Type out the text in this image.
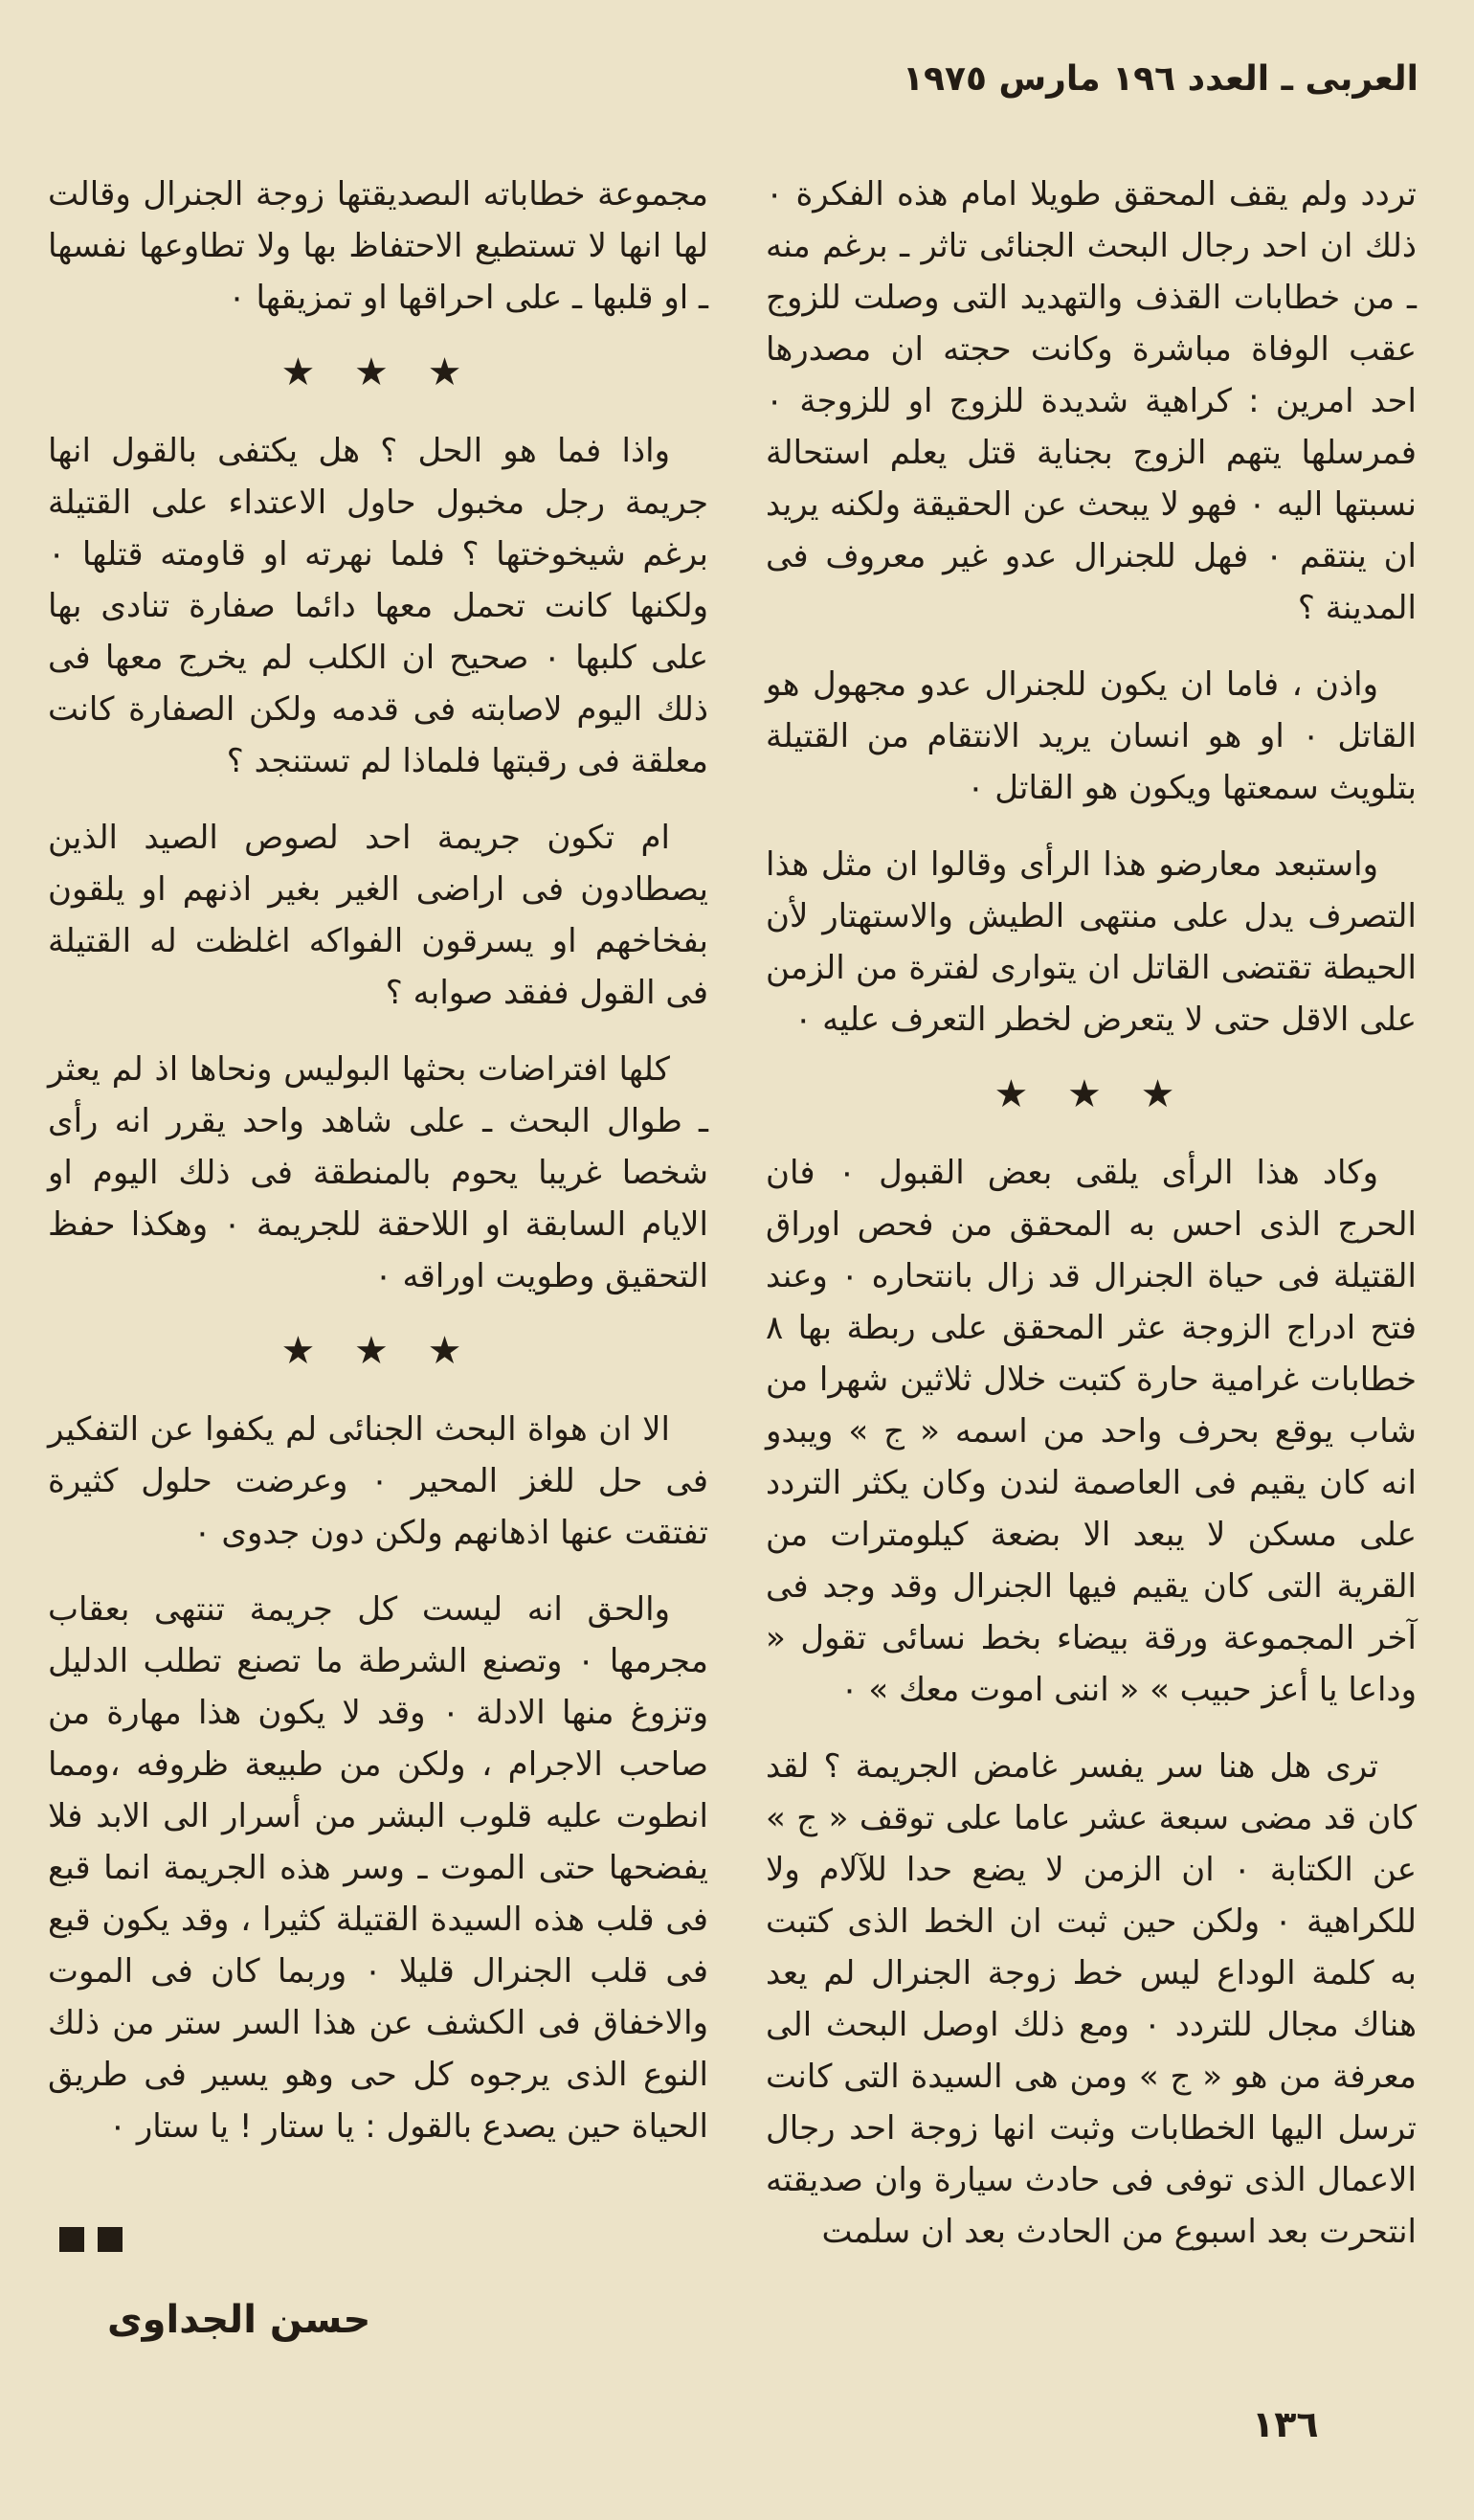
العربى ـ العدد ١٩٦ مارس ١٩٧٥

تردد ولم يقف المحقق طويلا امام هذه الفكرة ٠ ذلك ان احد رجال البحث الجنائى تاثر ـ برغم منه ـ من خطابات القذف والتهديد التى وصلت للزوج عقب الوفاة مباشرة وكانت حجته ان مصدرها احد امرين : كراهية شديدة للزوج او للزوجة ٠ فمرسلها يتهم الزوج بجناية قتل يعلم استحالة نسبتها اليه ٠ فهو لا يبحث عن الحقيقة ولكنه يريد ان ينتقم ٠ فهل للجنرال عدو غير معروف فى المدينة ؟

واذن ، فاما ان يكون للجنرال عدو مجهول هو القاتل ٠ او هو انسان يريد الانتقام من القتيلة بتلويث سمعتها ويكون هو القاتل ٠

واستبعد معارضو هذا الرأى وقالوا ان مثل هذا التصرف يدل على منتهى الطيش والاستهتار لأن الحيطة تقتضى القاتل ان يتوارى لفترة من الزمن على الاقل حتى لا يتعرض لخطر التعرف عليه ٠

★ ★ ★

وكاد هذا الرأى يلقى بعض القبول ٠ فان الحرج الذى احس به المحقق من فحص اوراق القتيلة فى حياة الجنرال قد زال بانتحاره ٠ وعند فتح ادراج الزوجة عثر المحقق على ربطة بها ٨ خطابات غرامية حارة كتبت خلال ثلاثين شهرا من شاب يوقع بحرف واحد من اسمه « ج » ويبدو انه كان يقيم فى العاصمة لندن وكان يكثر التردد على مسكن لا يبعد الا بضعة كيلومترات من القرية التى كان يقيم فيها الجنرال وقد وجد فى آخر المجموعة ورقة بيضاء بخط نسائى تقول « وداعا يا أعز حبيب » « اننى اموت معك » ٠

ترى هل هنا سر يفسر غامض الجريمة ؟ لقد كان قد مضى سبعة عشر عاما على توقف « ج » عن الكتابة ٠ ان الزمن لا يضع حدا للآلام ولا للكراهية ٠ ولكن حين ثبت ان الخط الذى كتبت به كلمة الوداع ليس خط زوجة الجنرال لم يعد هناك مجال للتردد ٠ ومع ذلك اوصل البحث الى معرفة من هو « ج » ومن هى السيدة التى كانت ترسل اليها الخطابات وثبت انها زوجة احد رجال الاعمال الذى توفى فى حادث سيارة وان صديقته انتحرت بعد اسبوع من الحادث بعد ان سلمت

مجموعة خطاباته الىصديقتها زوجة الجنرال وقالت لها انها لا تستطيع الاحتفاظ بها ولا تطاوعها نفسها ـ او قلبها ـ على احراقها او تمزيقها ٠

★ ★ ★

واذا فما هو الحل ؟ هل يكتفى بالقول انها جريمة رجل مخبول حاول الاعتداء على القتيلة برغم شيخوختها ؟ فلما نهرته او قاومته قتلها ٠ ولكنها كانت تحمل معها دائما صفارة تنادى بها على كلبها ٠ صحيح ان الكلب لم يخرج معها فى ذلك اليوم لاصابته فى قدمه ولكن الصفارة كانت معلقة فى رقبتها فلماذا لم تستنجد ؟

ام تكون جريمة احد لصوص الصيد الذين يصطادون فى اراضى الغير بغير اذنهم او يلقون بفخاخهم او يسرقون الفواكه اغلظت له القتيلة فى القول ففقد صوابه ؟

كلها افتراضات بحثها البوليس ونحاها اذ لم يعثر ـ طوال البحث ـ على شاهد واحد يقرر انه رأى شخصا غريبا يحوم بالمنطقة فى ذلك اليوم او الايام السابقة او اللاحقة للجريمة ٠ وهكذا حفظ التحقيق وطويت اوراقه ٠

★ ★ ★

الا ان هواة البحث الجنائى لم يكفوا عن التفكير فى حل للغز المحير ٠ وعرضت حلول كثيرة تفتقت عنها اذهانهم ولكن دون جدوى ٠

والحق انه ليست كل جريمة تنتهى بعقاب مجرمها ٠ وتصنع الشرطة ما تصنع تطلب الدليل وتزوغ منها الادلة ٠ وقد لا يكون هذا مهارة من صاحب الاجرام ، ولكن من طبيعة ظروفه ،ومما انطوت عليه قلوب البشر من أسرار الى الابد فلا يفضحها حتى الموت ـ وسر هذه الجريمة انما قبع فى قلب هذه السيدة القتيلة كثيرا ، وقد يكون قبع فى قلب الجنرال قليلا ٠ وربما كان فى الموت والاخفاق فى الكشف عن هذا السر ستر من ذلك النوع الذى يرجوه كل حى وهو يسير فى طريق الحياة حين يصدع بالقول : يا ستار ! يا ستار ٠

حسن الجداوى
١٣٦
